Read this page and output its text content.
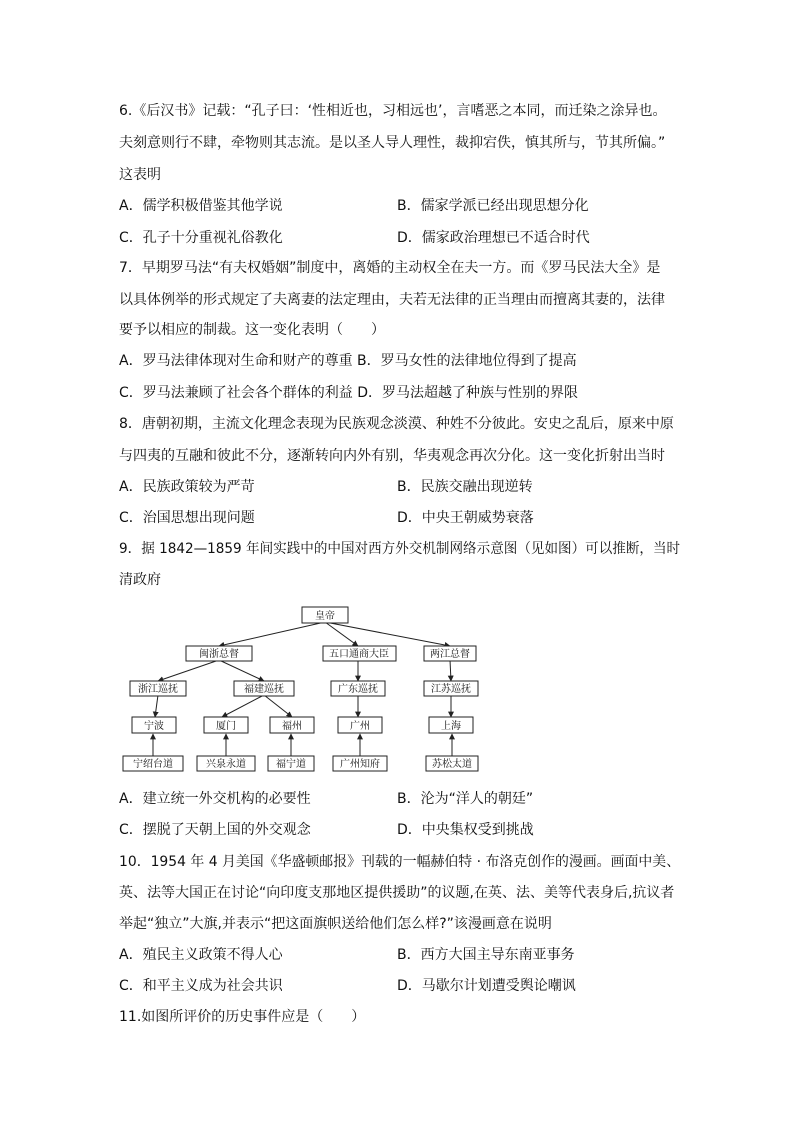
6.《后汉书》记载：“孔子曰：‘性相近也，习相远也’，言嗜恶之本同，而迁染之涂异也。
夫刻意则行不肆，牵物则其志流。是以圣人导人理性，裁抑宕佚，慎其所与，节其所偏。”
这表明
A．儒学积极借鉴其他学说	B．儒家学派已经出现思想分化
C．孔子十分重视礼俗教化	D．儒家政治理想已不适合时代
7．早期罗马法“有夫权婚姻”制度中，离婚的主动权全在夫一方。而《罗马民法大全》是
以具体例举的形式规定了夫离妻的法定理由，夫若无法律的正当理由而擅离其妻的，法律
要予以相应的制裁。这一变化表明（　　）
A．罗马法律体现对生命和财产的尊重 B．罗马女性的法律地位得到了提高
C．罗马法兼顾了社会各个群体的利益 D．罗马法超越了种族与性别的界限
8．唐朝初期，主流文化理念表现为民族观念淡漠、种姓不分彼此。安史之乱后，原来中原
与四夷的互融和彼此不分，逐渐转向内外有别，华夷观念再次分化。这一变化折射出当时
A．民族政策较为严苛	B．民族交融出现逆转
C．治国思想出现问题	D．中央王朝威势衰落
9．据 1842—1859 年间实践中的中国对西方外交机制网络示意图（见如图）可以推断，当时
清政府
皇帝
闽浙总督	五口通商大臣	两江总督
浙江巡抚	福建巡抚	广东巡抚	江苏巡抚
宁波	厦门	福州	广州	上海
宁绍台道	兴泉永道	福宁道	广州知府	苏松太道
A．建立统一外交机构的必要性	B．沦为“洋人的朝廷”
C．摆脱了天朝上国的外交观念	D．中央集权受到挑战
10．1954 年 4 月美国《华盛顿邮报》刊载的一幅赫伯特 · 布洛克创作的漫画。画面中美、
英、法等大国正在讨论“向印度支那地区提供援助”的议题,在英、法、美等代表身后,抗议者
举起“独立”大旗,并表示“把这面旗帜送给他们怎么样?”该漫画意在说明
A．殖民主义政策不得人心	B．西方大国主导东南亚事务
C．和平主义成为社会共识	D．马歇尔计划遭受舆论嘲讽
11.如图所评价的历史事件应是（　　）
